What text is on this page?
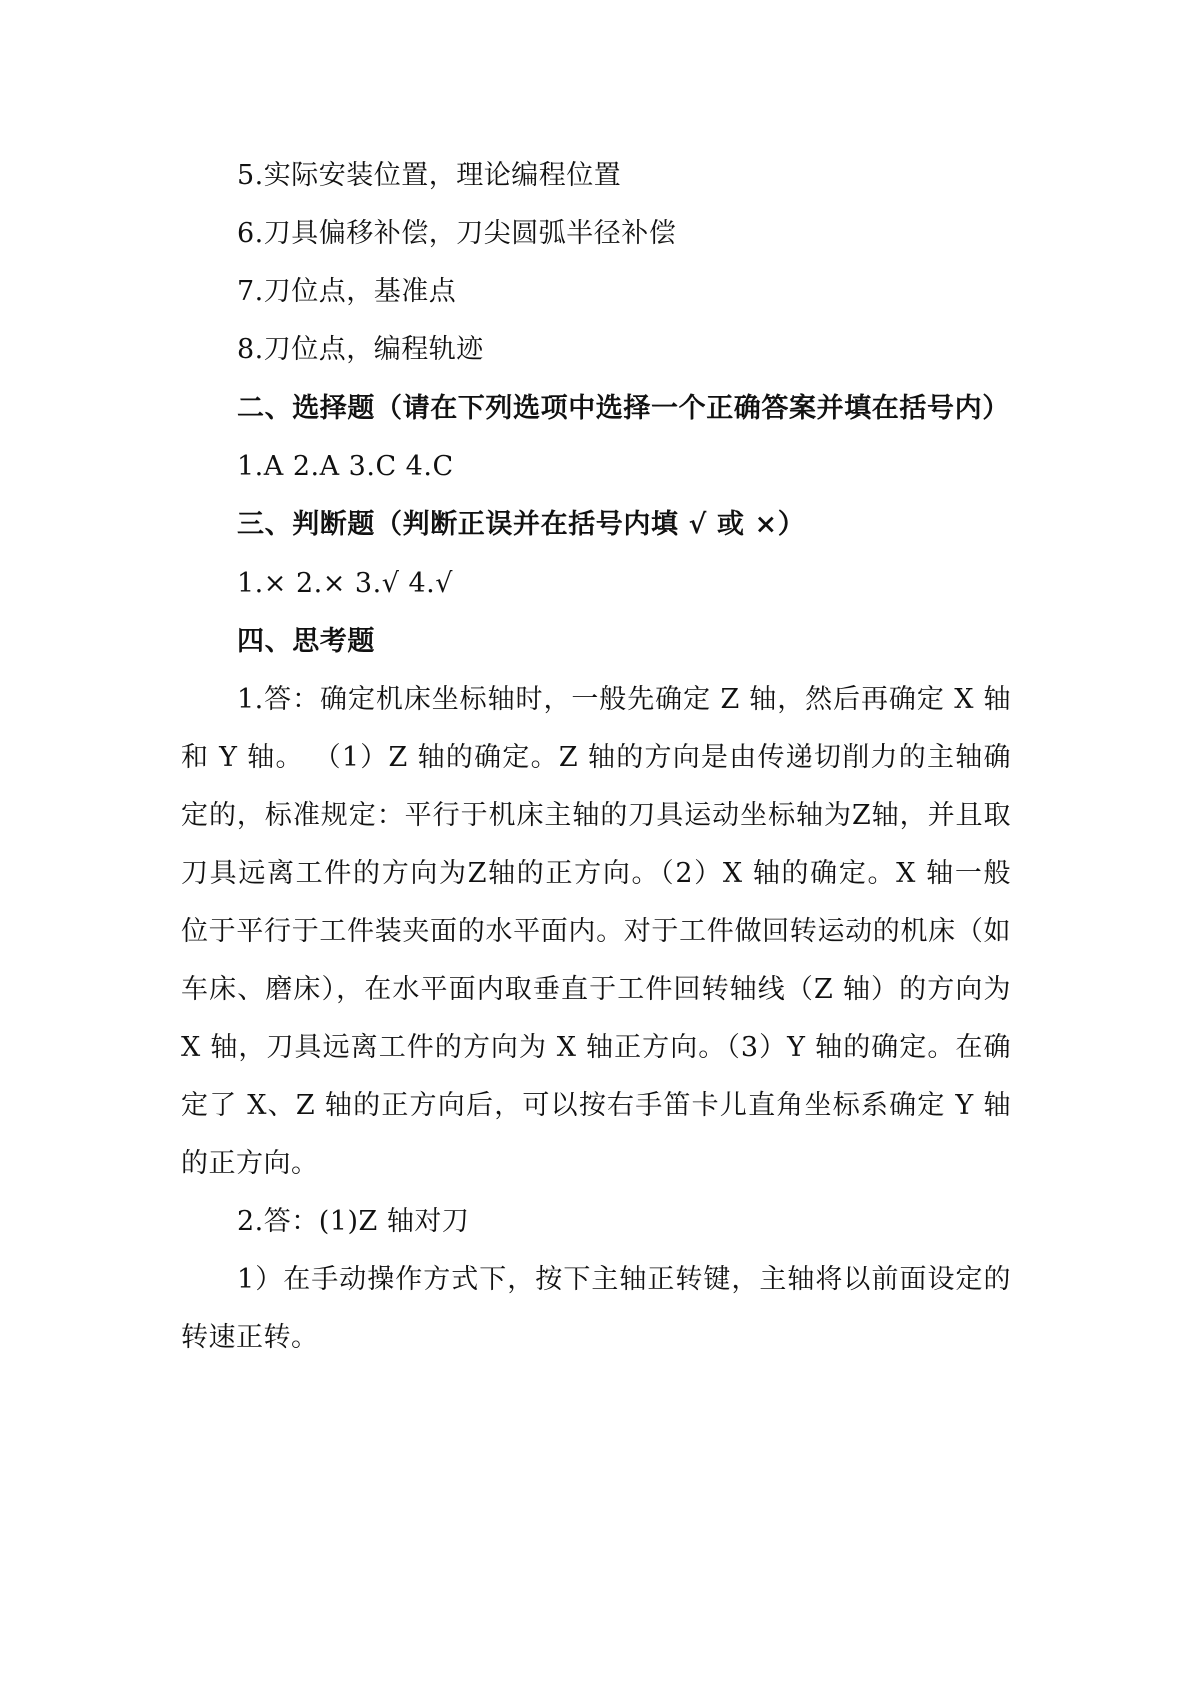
5.实际安装位置，理论编程位置
6.刀具偏移补偿，刀尖圆弧半径补偿
7.刀位点，基准点
8.刀位点，编程轨迹
二、选择题（请在下列选项中选择一个正确答案并填在括号内）
1.A 2.A 3.C 4.C
三、判断题（判断正误并在括号内填 √ 或 ×）
1.× 2.× 3.√ 4.√
四、思考题
1.答：确定机床坐标轴时，一般先确定 Z 轴，然后再确定 X 轴
和 Y 轴。 （1）Z 轴的确定。Z 轴的方向是由传递切削力的主轴确
定的，标准规定：平行于机床主轴的刀具运动坐标轴为Z轴，并且取
刀具远离工件的方向为Z轴的正方向。（2）X 轴的确定。X 轴一般
位于平行于工件装夹面的水平面内。对于工件做回转运动的机床（如
车床、磨床），在水平面内取垂直于工件回转轴线（Z 轴）的方向为
X 轴，刀具远离工件的方向为 X 轴正方向。（3）Y 轴的确定。在确
定了 X、Z 轴的正方向后，可以按右手笛卡儿直角坐标系确定 Y 轴
的正方向。
2.答：(1)Z 轴对刀
1）在手动操作方式下，按下主轴正转键，主轴将以前面设定的
转速正转。
